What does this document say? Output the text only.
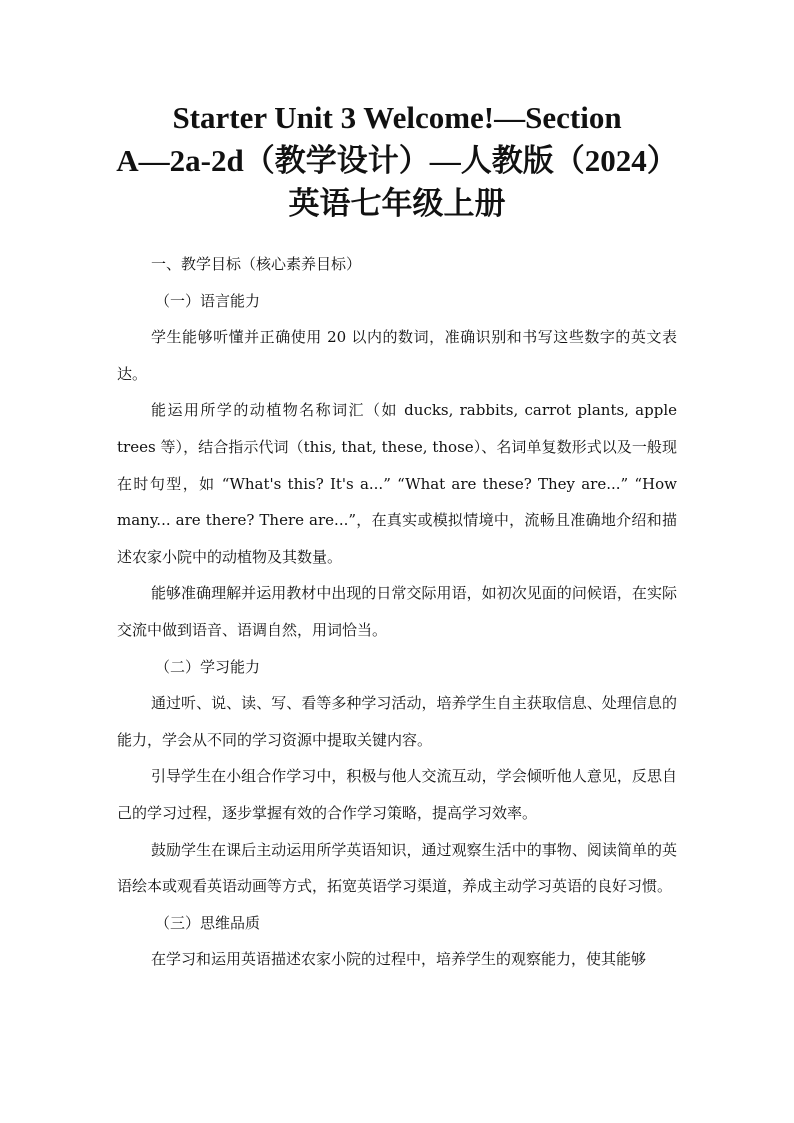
Starter Unit 3 Welcome!—Section
A—2a-2d（教学设计）—人教版（2024）
英语七年级上册

一、教学目标（核心素养目标）

（一）语言能力

学生能够听懂并正确使用 20 以内的数词，准确识别和书写这些数字的英文表达。

能运用所学的动植物名称词汇（如 ducks, rabbits, carrot plants, apple trees 等），结合指示代词（this, that, these, those）、名词单复数形式以及一般现在时句型，如 “What's this? It's a...” “What are these? They are...” “How many... are there? There are...”，在真实或模拟情境中，流畅且准确地介绍和描述农家小院中的动植物及其数量。

能够准确理解并运用教材中出现的日常交际用语，如初次见面的问候语，在实际交流中做到语音、语调自然，用词恰当。

（二）学习能力

通过听、说、读、写、看等多种学习活动，培养学生自主获取信息、处理信息的能力，学会从不同的学习资源中提取关键内容。

引导学生在小组合作学习中，积极与他人交流互动，学会倾听他人意见，反思自己的学习过程，逐步掌握有效的合作学习策略，提高学习效率。

鼓励学生在课后主动运用所学英语知识，通过观察生活中的事物、阅读简单的英语绘本或观看英语动画等方式，拓宽英语学习渠道，养成主动学习英语的良好习惯。

（三）思维品质

在学习和运用英语描述农家小院的过程中，培养学生的观察能力，使其能够
